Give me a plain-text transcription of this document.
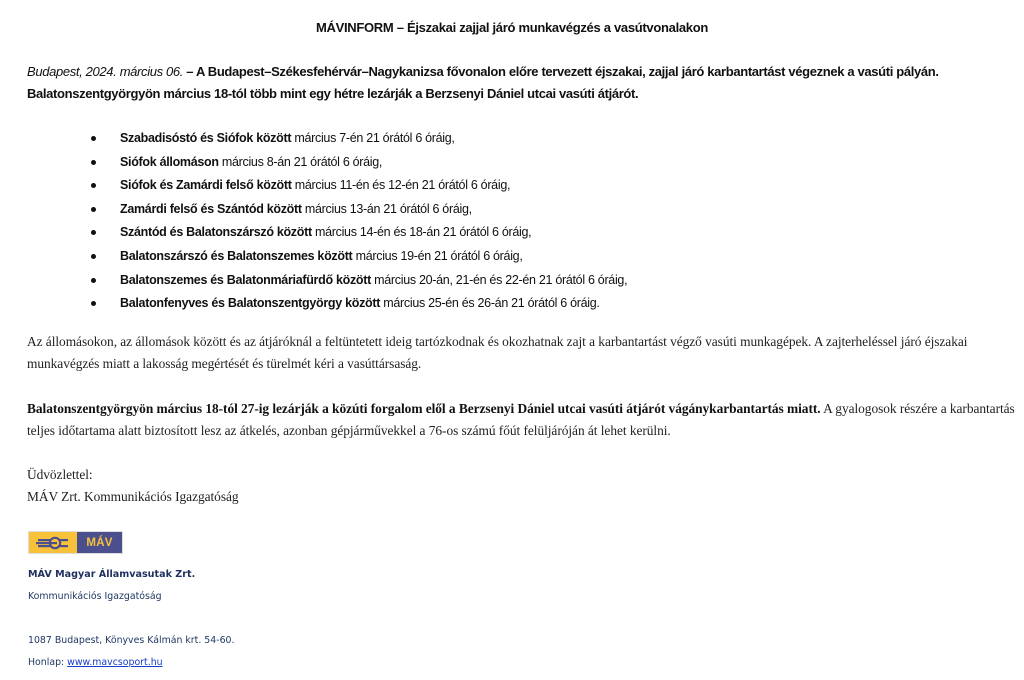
MÁVINFORM – Éjszakai zajjal járó munkavégzés a vasútvonalakon
Budapest, 2024. március 06. – A Budapest–Székesfehérvár–Nagykanizsa fővonalon előre tervezett éjszakai, zajjal járó karbantartást végeznek a vasúti pályán.
Balatonszentgyörgyön március 18-tól több mint egy hétre lezárják a Berzsenyi Dániel utcai vasúti átjárót.
Szabadisóstó és Siófok között március 7-én 21 órától 6 óráig,
Siófok állomáson március 8-án 21 órától 6 óráig,
Siófok és Zamárdi felső között március 11-én és 12-én 21 órától 6 óráig,
Zamárdi felső és Szántód között március 13-án 21 órától 6 óráig,
Szántód és Balatonszárszó között március 14-én és 18-án 21 órától 6 óráig,
Balatonszárszó és Balatonszemes között március 19-én 21 órától 6 óráig,
Balatonszemes és Balatonmáriafürdő között március 20-án, 21-én és 22-én 21 órától 6 óráig,
Balatonfenyves és Balatonszentgyörgy között március 25-én és 26-án 21 órától 6 óráig.
Az állomásokon, az állomások között és az átjáróknál a feltüntetett ideig tartózkodnak és okozhatnak zajt a karbantartást végző vasúti munkagépek. A zajterheléssel járó éjszakai munkavégzés miatt a lakosság megértését és türelmét kéri a vasúttársaság.
Balatonszentgyörgyön március 18-tól 27-ig lezárják a közúti forgalom elől a Berzsenyi Dániel utcai vasúti átjárót vágánykarbantartás miatt. A gyalogosok részére a karbantartás teljes időtartama alatt biztosított lesz az átkelés, azonban gépjárművekkel a 76-os számú főút felüljáróján át lehet kerülni.
Üdvözlettel:
MÁV Zrt. Kommunikációs Igazgatóság
MÁV
MÁV Magyar Államvasutak Zrt.
Kommunikációs Igazgatóság
1087 Budapest, Könyves Kálmán krt. 54-60.
Honlap: www.mavcsoport.hu
